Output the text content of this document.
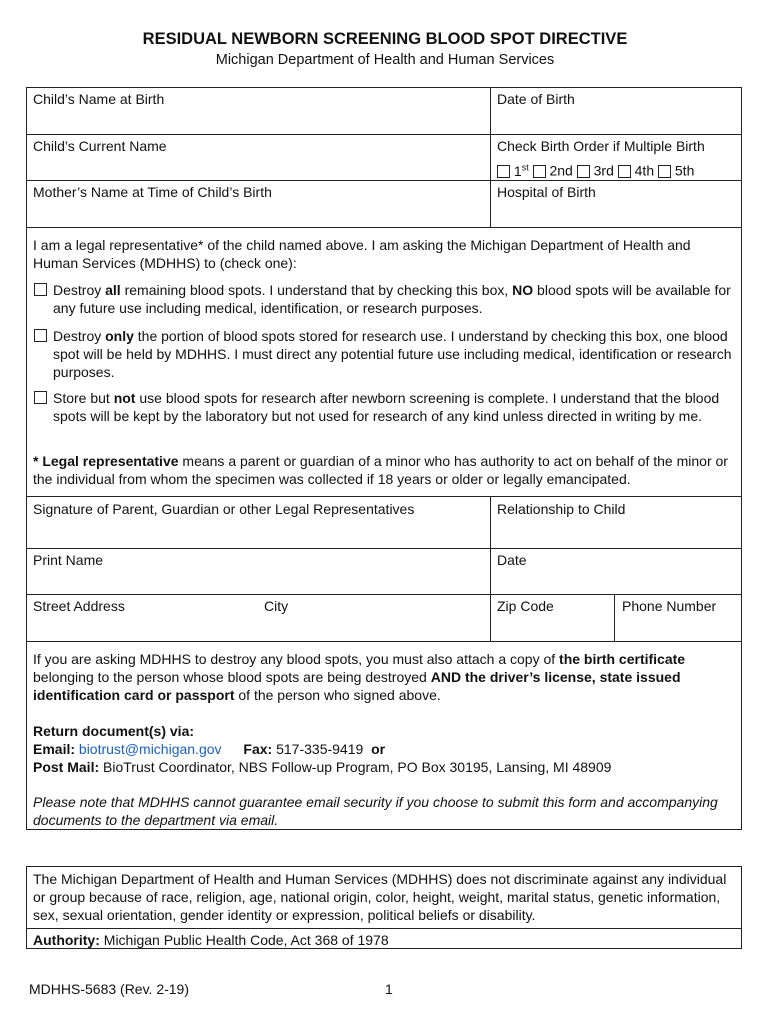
RESIDUAL NEWBORN SCREENING BLOOD SPOT DIRECTIVE
Michigan Department of Health and Human Services
Child’s Name at Birth	Date of Birth
Child’s Current Name	Check Birth Order if Multiple Birth
1st 2nd 3rd 4th 5th
Mother’s Name at Time of Child’s Birth	Hospital of Birth
I am a legal representative* of the child named above. I am asking the Michigan Department of Health and Human Services (MDHHS) to (check one):
Destroy all remaining blood spots. I understand that by checking this box, NO blood spots will be available for any future use including medical, identification, or research purposes.
Destroy only the portion of blood spots stored for research use. I understand by checking this box, one blood spot will be held by MDHHS. I must direct any potential future use including medical, identification or research purposes.
Store but not use blood spots for research after newborn screening is complete. I understand that the blood spots will be kept by the laboratory but not used for research of any kind unless directed in writing by me.
* Legal representative means a parent or guardian of a minor who has authority to act on behalf of the minor or the individual from whom the specimen was collected if 18 years or older or legally emancipated.
Signature of Parent, Guardian or other Legal Representatives	Relationship to Child
Print Name	Date
Street Address	City	Zip Code	Phone Number
If you are asking MDHHS to destroy any blood spots, you must also attach a copy of the birth certificate belonging to the person whose blood spots are being destroyed AND the driver’s license, state issued identification card or passport of the person who signed above.
Return document(s) via:
Email: biotrust@michigan.gov Fax: 517-335-9419 or
Post Mail: BioTrust Coordinator, NBS Follow-up Program, PO Box 30195, Lansing, MI 48909
Please note that MDHHS cannot guarantee email security if you choose to submit this form and accompanying documents to the department via email.
The Michigan Department of Health and Human Services (MDHHS) does not discriminate against any individual or group because of race, religion, age, national origin, color, height, weight, marital status, genetic information, sex, sexual orientation, gender identity or expression, political beliefs or disability.
Authority: Michigan Public Health Code, Act 368 of 1978
MDHHS-5683 (Rev. 2-19)	1
